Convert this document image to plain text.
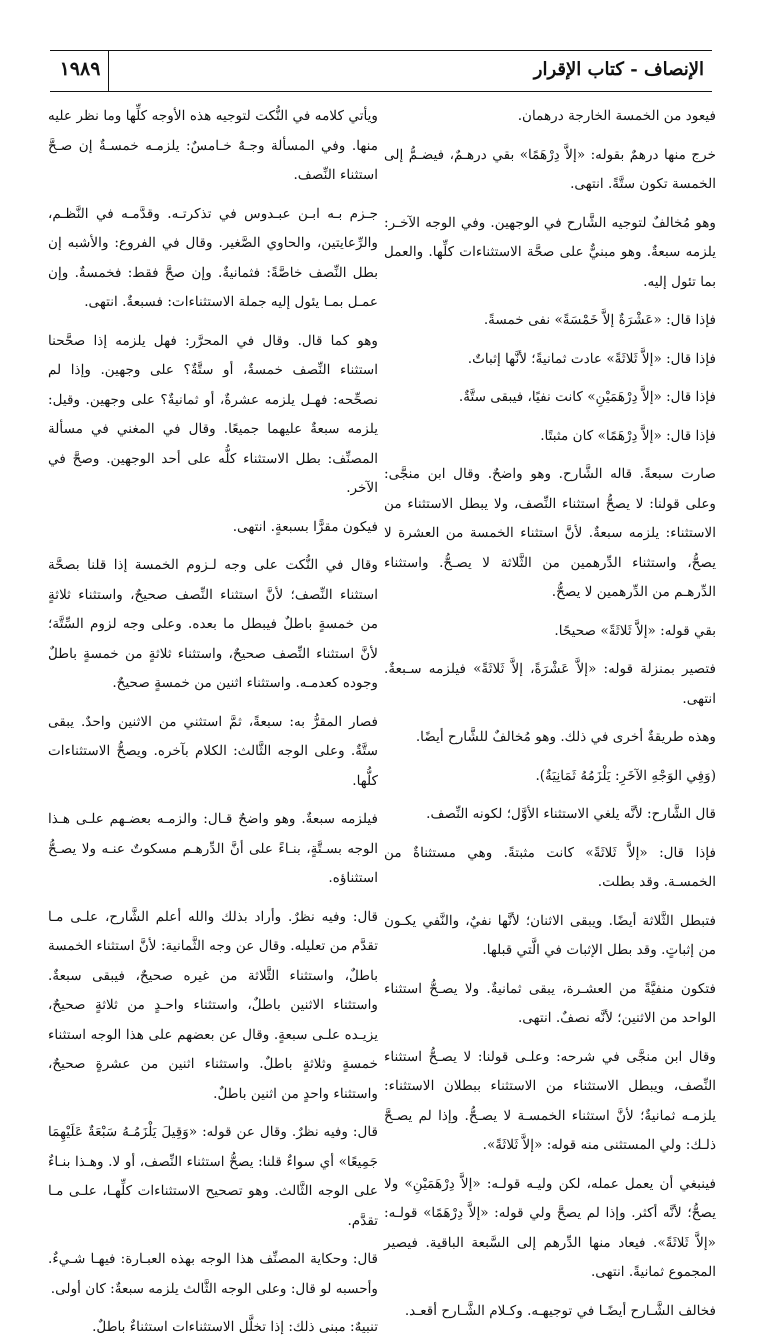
الإنصاف - كتاب الإقرار
١٩٨٩

فيعود من الخمسة الخارجة درهمان.

خرج منها درهمٌ بقوله: «إلاَّ دِرْهَمًا» بقي درهـمٌ، فيضـمُّ إلى الخمسة تكون ستَّةً. انتهى.

وهو مُخالفٌ لتوجيه الشَّارح في الوجهين. وفي الوجه الآخـر: يلزمه سبعةٌ. وهو مبنيٌّ على صحَّة الاستثناءات كلِّها. والعمل بما تئول إليه.

فإذا قال: «عَشْرَةٌ إلاَّ خَمْسَةً» نفى خمسةً.

فإذا قال: «إلاَّ ثَلاثَةً» عادت ثمانيةً؛ لأنَّها إثباتٌ.

فإذا قال: «إلاَّ دِرْهَمَيْنِ» كانت نفيًا، فيبقى ستَّةٌ.

فإذا قال: «إلاَّ دِرْهَمًا» كان مثبتًا.

صارت سبعةً. قاله الشَّارح. وهو واضحٌ. وقال ابن منجَّى: وعلى قولنا: لا يصحُّ استثناء النِّصف، ولا يبطل الاستثناء من الاستثناء: يلزمه سبعةٌ. لأنَّ استثناء الخمسة من العشرة لا يصحُّ، واستثناء الدِّرهمين من الثَّلاثة لا يصـحُّ. واستثناء الدِّرهـم من الدِّرهمين لا يصحُّ.

بقي قوله: «إلاَّ ثَلاثَةً» صحيحًا.

فتصير بمنزلة قوله: «إلاَّ عَشْرَةً، إلاَّ ثَلاثَةً» فيلزمه سـبعةٌ. انتهى.

وهذه طريقةٌ أخرى في ذلك. وهو مُخالفٌ للشَّارح أيضًا.

(وَفِي الوَجْهِ الآخَرِ: يَلْزَمُهُ ثَمَانِيَةٌ).

قال الشَّارح: لأنَّه يلغي الاستثناء الأوَّل؛ لكونه النِّصف.

فإذا قال: «إلاَّ ثَلاثَةً» كانت مثبتةً. وهي مستثناةٌ من الخمسـة. وقد بطلت.

فتبطل الثَّلاثة أيضًا. ويبقى الاثنان؛ لأنَّها نفيٌ، والنَّفي يكـون من إثباتٍ. وقد بطل الإثبات في الَّتي قبلها.

فتكون منفيَّةً من العشـرة، يبقى ثمانيةٌ. ولا يصـحُّ استثناء الواحد من الاثنين؛ لأنَّه نصفٌ. انتهى.

وقال ابن منجَّى في شرحه: وعلـى قولنا: لا يصـحُّ استثناء النِّصف، ويبطل الاستثناء من الاستثناء ببطلان الاستثناء: يلزمـه ثمانيةٌ؛ لأنَّ استثناء الخمسـة لا يصـحُّ. وإذا لم يصـحَّ ذلـك: ولي المستثنى منه قوله: «إلاَّ ثَلاثَةً».

فينبغي أن يعمل عمله، لكن وليـه قولـه: «إلاَّ دِرْهَمَيْنِ» ولا يصحُّ؛ لأنَّه أكثر. وإذا لم يصحَّ ولي قوله: «إلاَّ دِرْهَمًا» قولـه: «إلاَّ ثَلاثَةً». فيعاد منها الدِّرهم إلى السَّبعة الباقية. فيصير المجموع ثمانيةً. انتهى.

فخالف الشَّـارح أيضًـا في توجيهـه. وكـلام الشَّـارح أقعـد.

ويأتي كلامه في النُّكت لتوجيه هذه الأوجه كلِّها وما نظر عليه منها. وفي المسألة وجـهٌ خـامسٌ: يلزمـه خمسـةٌ إن صـحَّ استثناء النِّصف.

جـزم بـه ابـن عبـدوس في تذكرتـه. وقدَّمـه في النَّظـم، والرِّعايتين، والحاوي الصَّغير. وقال في الفروع: والأشبه إن بطل النِّصف خاصَّةً: فثمانيةٌ. وإن صحَّ فقط: فخمسةٌ. وإن عمـل بمـا يئول إليه جملة الاستثناءات: فسبعةٌ. انتهى.

وهو كما قال. وقال في المحرَّر: فهل يلزمه إذا صحَّحنا استثناء النِّصف خمسةٌ، أو ستَّةٌ؟ على وجهين. وإذا لم نصحِّحه: فهـل يلزمه عشرةٌ، أو ثمانيةٌ؟ على وجهين. وقيل: يلزمه سبعةٌ عليهما جميعًا. وقال في المغني في مسألة المصنِّف: بطل الاستثناء كلُّه على أحد الوجهين. وصحَّ في الآخر.

فيكون مقرًّا بسبعةٍ. انتهى.

وقال في النُّكت على وجه لـزوم الخمسة إذا قلنا بصحَّة استثناء النِّصف؛ لأنَّ استثناء النِّصف صحيحٌ، واستثناء ثلاثةٍ من خمسةٍ باطلٌ فيبطل ما بعده. وعلى وجه لزوم السِّتَّة؛ لأنَّ استثناء النِّصف صحيحٌ، واستثناء ثلاثةٍ من خمسةٍ باطلٌ وجوده كعدمـه. واستثناء اثنين من خمسةٍ صحيحٌ.

فصار المقرُّ به: سبعةً، ثمَّ استثني من الاثنين واحدٌ. يبقى ستَّةٌ. وعلى الوجه الثَّالث: الكلام بآخره. ويصحُّ الاستثناءات كلُّها.

فيلزمه سبعةٌ. وهو واضحٌ قـال: والزمـه بعضـهم علـى هـذا الوجه بسـتَّةٍ، بنـاءً على أنَّ الدِّرهـم مسكوتٌ عنـه ولا يصـحُّ استثناؤه.

قال: وفيه نظرٌ. وأراد بذلك والله أعلم الشَّارح، علـى مـا تقدَّم من تعليله. وقال عن وجه الثَّمانية: لأنَّ استثناء الخمسة باطلٌ، واستثناء الثَّلاثة من غيره صحيحٌ، فيبقى سبعةٌ. واستثناء الاثنين باطلٌ، واستثناء واحـدٍ من ثلاثةٍ صحيحٌ، يزيـده علـى سبعةٍ. وقال عن بعضهم على هذا الوجه استثناء خمسةٍ وثلاثةٍ باطلٌ. واستثناء اثنين من عشرةٍ صحيحٌ، واستثناء واحدٍ من اثنين باطلٌ.

قال: وفيه نظرٌ. وقال عن قوله: «وَقِيلَ يَلْزَمُـهُ سَبْعَةٌ عَلَيْهِمَا جَمِيعًا» أي سواءٌ قلنا: يصحُّ استثناء النِّصف، أو لا. وهـذا بنـاءٌ على الوجه الثَّالث. وهو تصحيح الاستثناءات كلِّهـا، علـى مـا تقدَّم.

قال: وحكاية المصنِّف هذا الوجه بهذه العبـارة: فيهـا شـيءٌ. وأحسبه لو قال: وعلى الوجه الثَّالث يلزمه سبعةٌ: كان أولى.

تنبيهٌ: مبنى ذلك: إذا تخلَّل الاستثناءات استثناءٌ باطلٌ.
